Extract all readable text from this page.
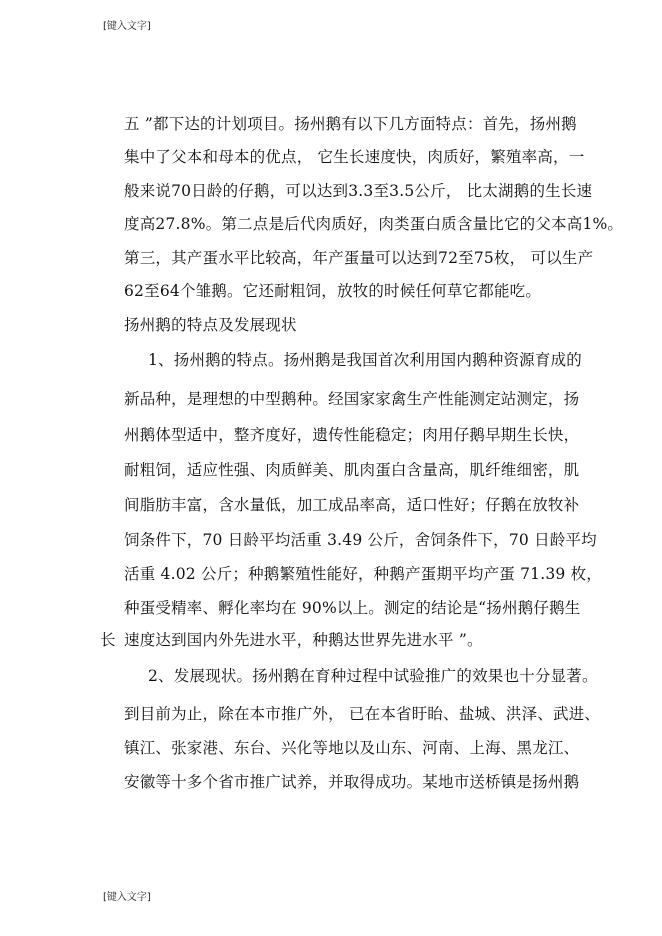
[键入文字]
五 ”都下达的计划项目。扬州鹅有以下几方面特点：首先，扬州鹅
集中了父本和母本的优点， 它生长速度快，肉质好，繁殖率高，一
般来说70日龄的仔鹅，可以达到3.3至3.5公斤， 比太湖鹅的生长速
度高27.8%。第二点是后代肉质好，肉类蛋白质含量比它的父本高1%。
第三，其产蛋水平比较高，年产蛋量可以达到72至75枚， 可以生产
62至64个雏鹅。它还耐粗饲，放牧的时候任何草它都能吃。
扬州鹅的特点及发展现状
1、扬州鹅的特点。扬州鹅是我国首次利用国内鹅种资源育成的
新品种，是理想的中型鹅种。经国家家禽生产性能测定站测定，扬
州鹅体型适中，整齐度好，遗传性能稳定；肉用仔鹅早期生长快，
耐粗饲，适应性强、肉质鲜美、肌肉蛋白含量高，肌纤维细密，肌
间脂肪丰富，含水量低，加工成品率高，适口性好；仔鹅在放牧补
饲条件下，70 日龄平均活重 3.49 公斤，舍饲条件下，70 日龄平均
活重 4.02 公斤；种鹅繁殖性能好，种鹅产蛋期平均产蛋 71.39 枚，
种蛋受精率、孵化率均在 90%以上。测定的结论是“扬州鹅仔鹅生
长 速度达到国内外先进水平，种鹅达世界先进水平 ”。
2、发展现状。扬州鹅在育种过程中试验推广的效果也十分显著。
到目前为止，除在本市推广外， 已在本省盱眙、盐城、洪泽、武进、
镇江、张家港、东台、兴化等地以及山东、河南、上海、黑龙江、
安徽等十多个省市推广试养，并取得成功。某地市送桥镇是扬州鹅
[键入文字]
